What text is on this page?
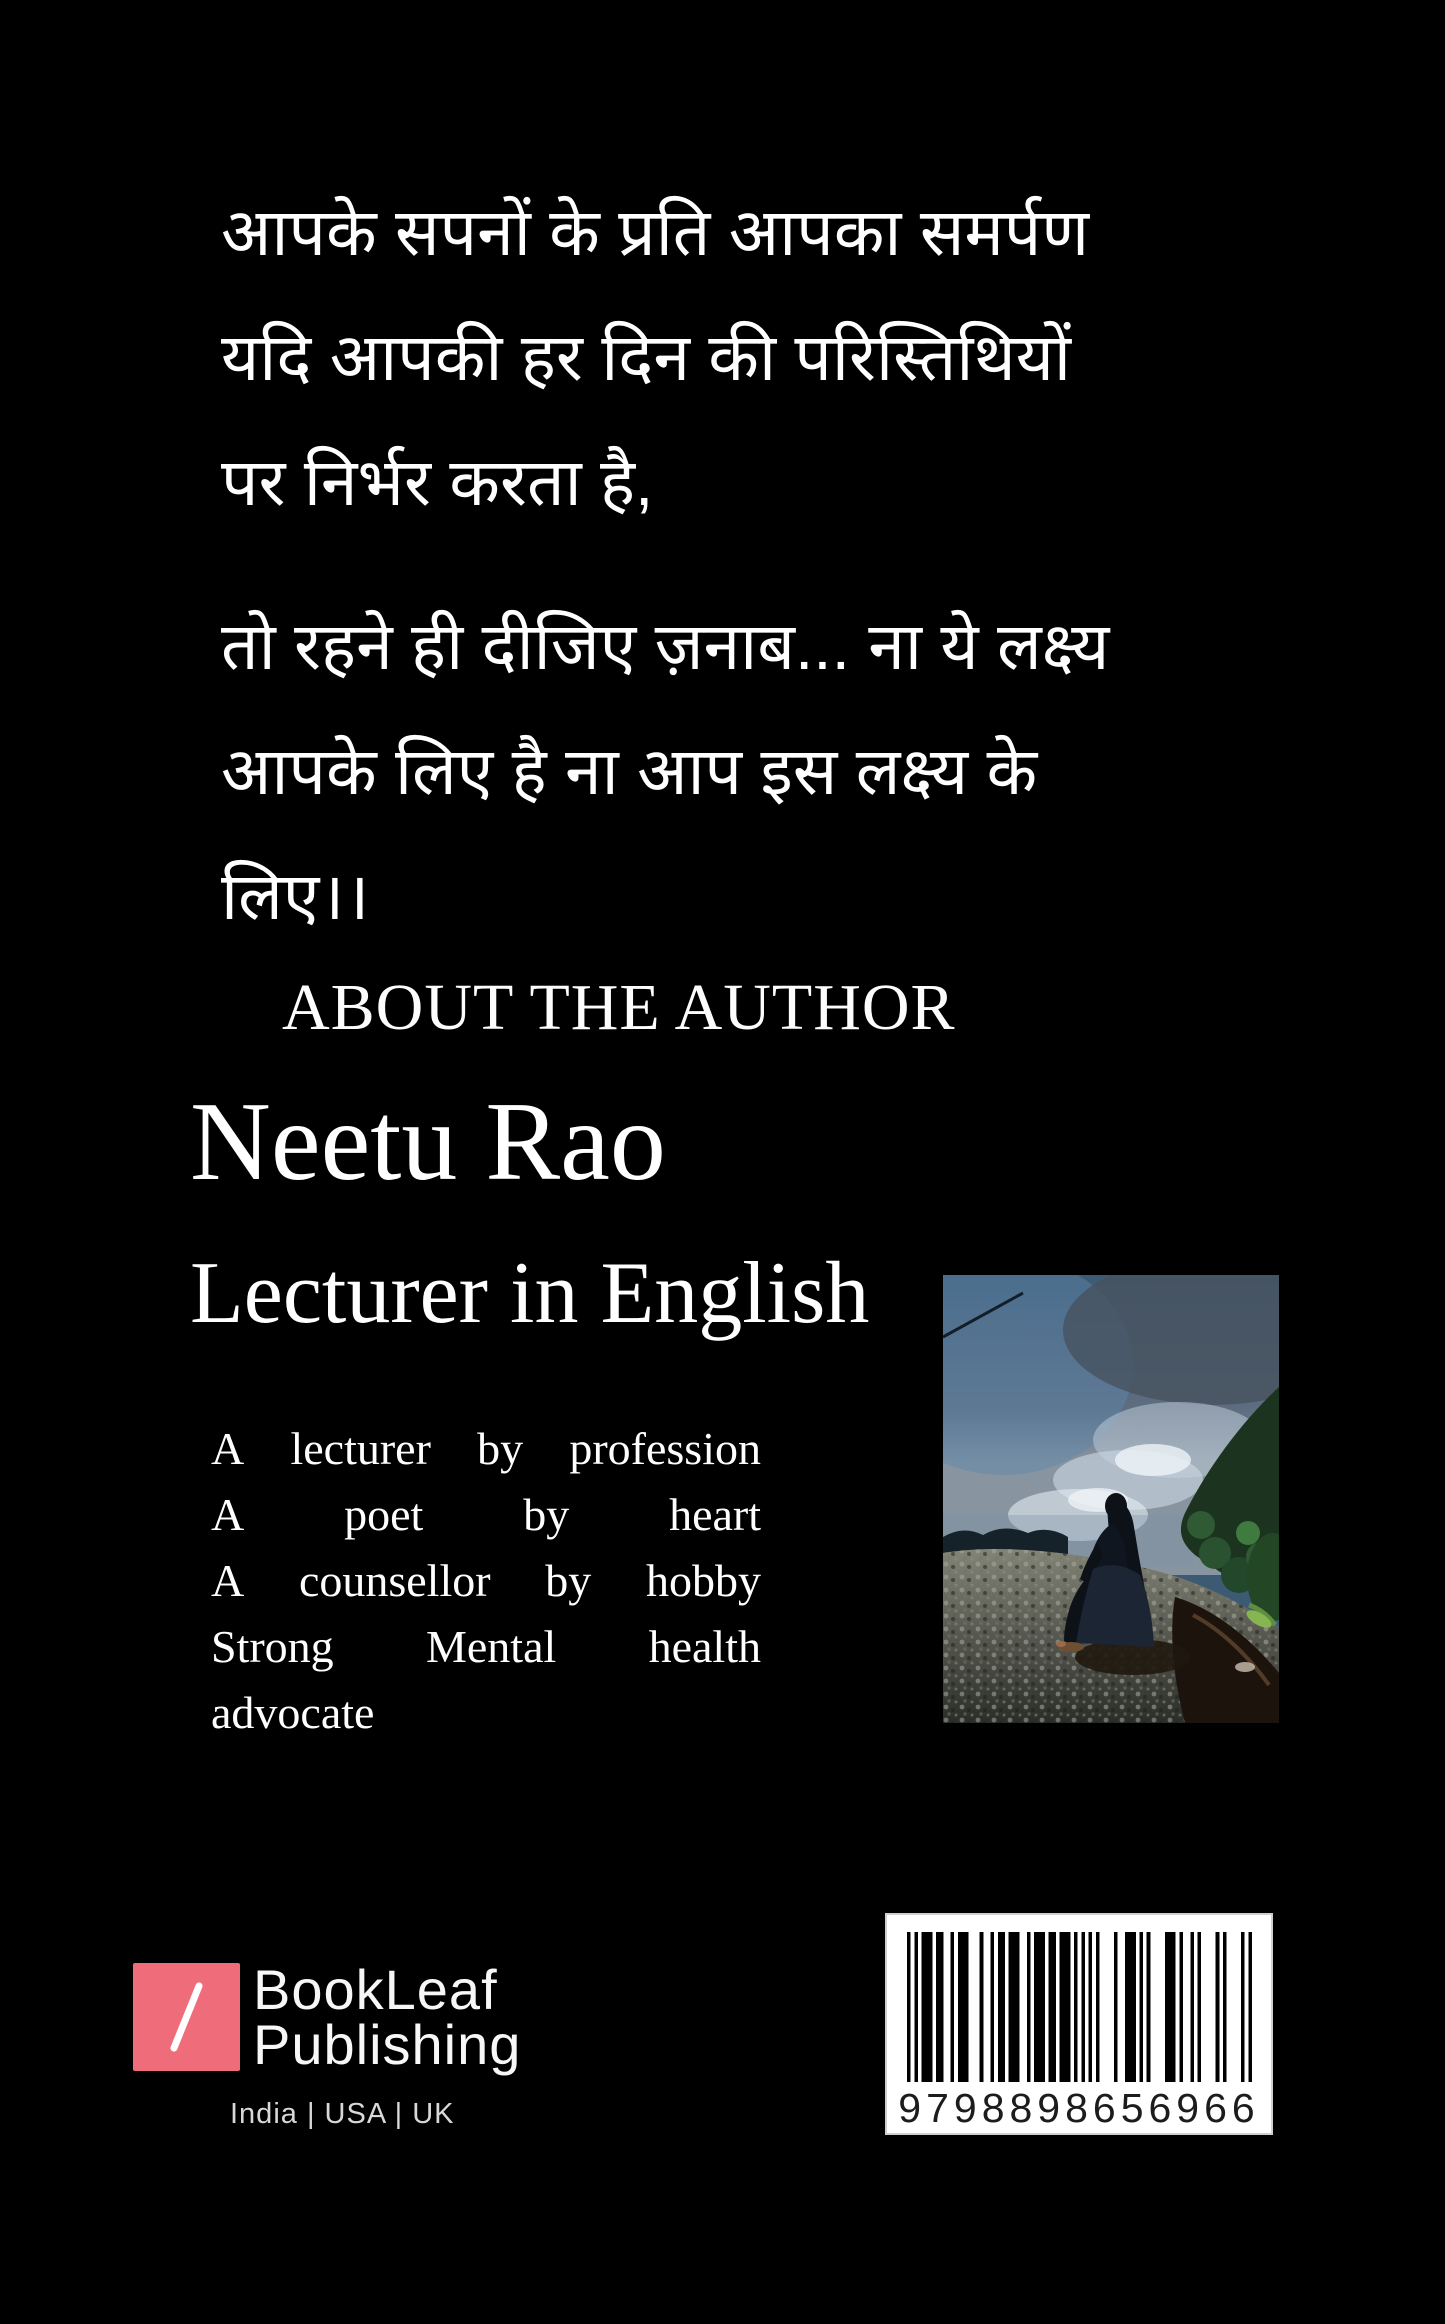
आपके सपनों के प्रति आपका समर्पण
यदि आपकी हर दिन की परिस्तिथियों
पर निर्भर करता है,
तो रहने ही दीजिए ज़नाब... ना ये लक्ष्य
आपके लिए है ना आप इस लक्ष्य के
लिए।।
ABOUT THE AUTHOR
Neetu Rao
Lecturer in English
A lecturer by profession
A poet by heart
A counsellor by hobby
Strong Mental health
advocate
BookLeaf
Publishing
India | USA | UK	9798898656966
